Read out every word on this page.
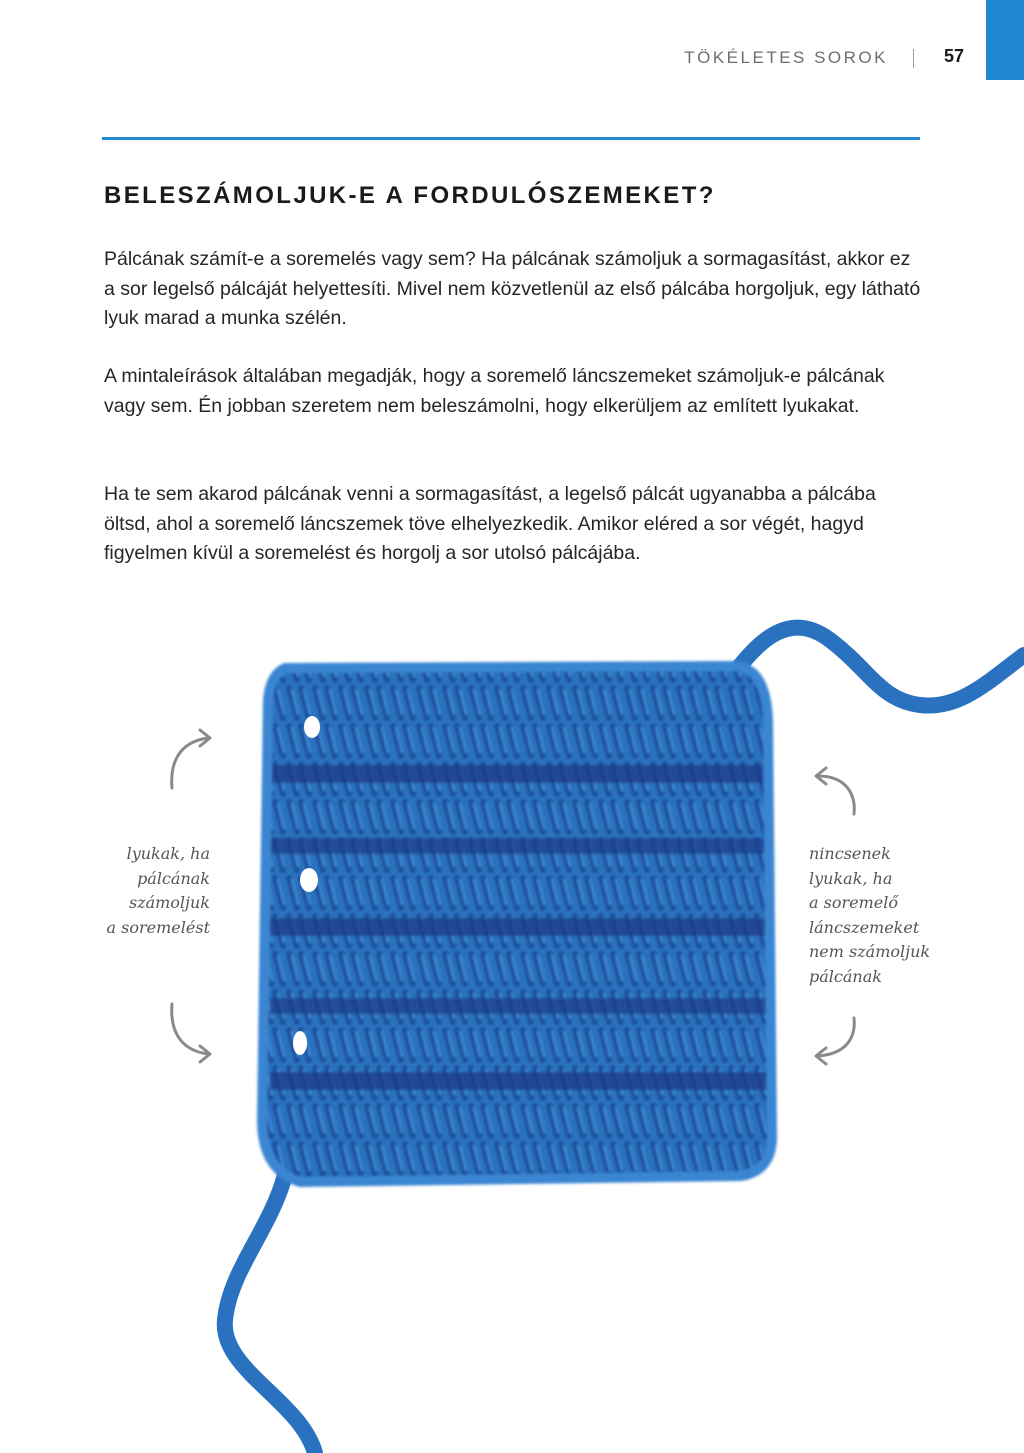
TÖKÉLETES SOROK	57
BELESZÁMOLJUK-E A FORDULÓSZEMEKET?

Pálcának számít-e a soremelés vagy sem? Ha pálcának számoljuk a sormagasítást, akkor ez a sor legelső pálcáját helyettesíti. Mivel nem közvetlenül az első pálcába horgoljuk, egy látható lyuk marad a munka szélén.

A mintaleírások általában megadják, hogy a soremelő láncszemeket számoljuk-e pálcának vagy sem. Én jobban szeretem nem beleszámolni, hogy elkerüljem az említett lyukakat.

Ha te sem akarod pálcának venni a sormagasítást, a legelső pálcát ugyanabba a pálcába öltsd, ahol a soremelő láncszemek töve elhelyezkedik. Amikor eléred a sor végét, hagyd figyelmen kívül a soremelést és horgolj a sor utolsó pálcájába.

lyukak, ha
pálcának
számoljuk
a soremelést

nincsenek
lyukak, ha
a soremelő
láncszemeket
nem számoljuk
pálcának
